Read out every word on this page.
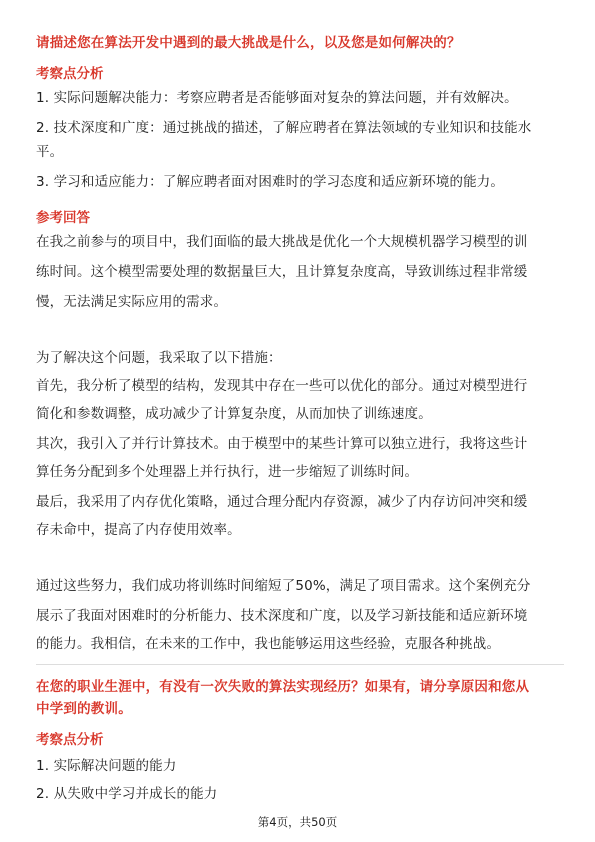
请描述您在算法开发中遇到的最大挑战是什么，以及您是如何解决的？
考察点分析
1. 实际问题解决能力：考察应聘者是否能够面对复杂的算法问题，并有效解决。
2. 技术深度和广度：通过挑战的描述，了解应聘者在算法领域的专业知识和技能水
平。
3. 学习和适应能力：了解应聘者面对困难时的学习态度和适应新环境的能力。
参考回答
在我之前参与的项目中，我们面临的最大挑战是优化一个大规模机器学习模型的训
练时间。这个模型需要处理的数据量巨大，且计算复杂度高，导致训练过程非常缓
慢，无法满足实际应用的需求。
为了解决这个问题，我采取了以下措施：
首先，我分析了模型的结构，发现其中存在一些可以优化的部分。通过对模型进行
简化和参数调整，成功减少了计算复杂度，从而加快了训练速度。
其次，我引入了并行计算技术。由于模型中的某些计算可以独立进行，我将这些计
算任务分配到多个处理器上并行执行，进一步缩短了训练时间。
最后，我采用了内存优化策略，通过合理分配内存资源，减少了内存访问冲突和缓
存未命中，提高了内存使用效率。
通过这些努力，我们成功将训练时间缩短了50%，满足了项目需求。这个案例充分
展示了我面对困难时的分析能力、技术深度和广度，以及学习新技能和适应新环境
的能力。我相信，在未来的工作中，我也能够运用这些经验，克服各种挑战。
在您的职业生涯中，有没有一次失败的算法实现经历？如果有，请分享原因和您从
中学到的教训。
考察点分析
1. 实际解决问题的能力
2. 从失败中学习并成长的能力
第4页，共50页
